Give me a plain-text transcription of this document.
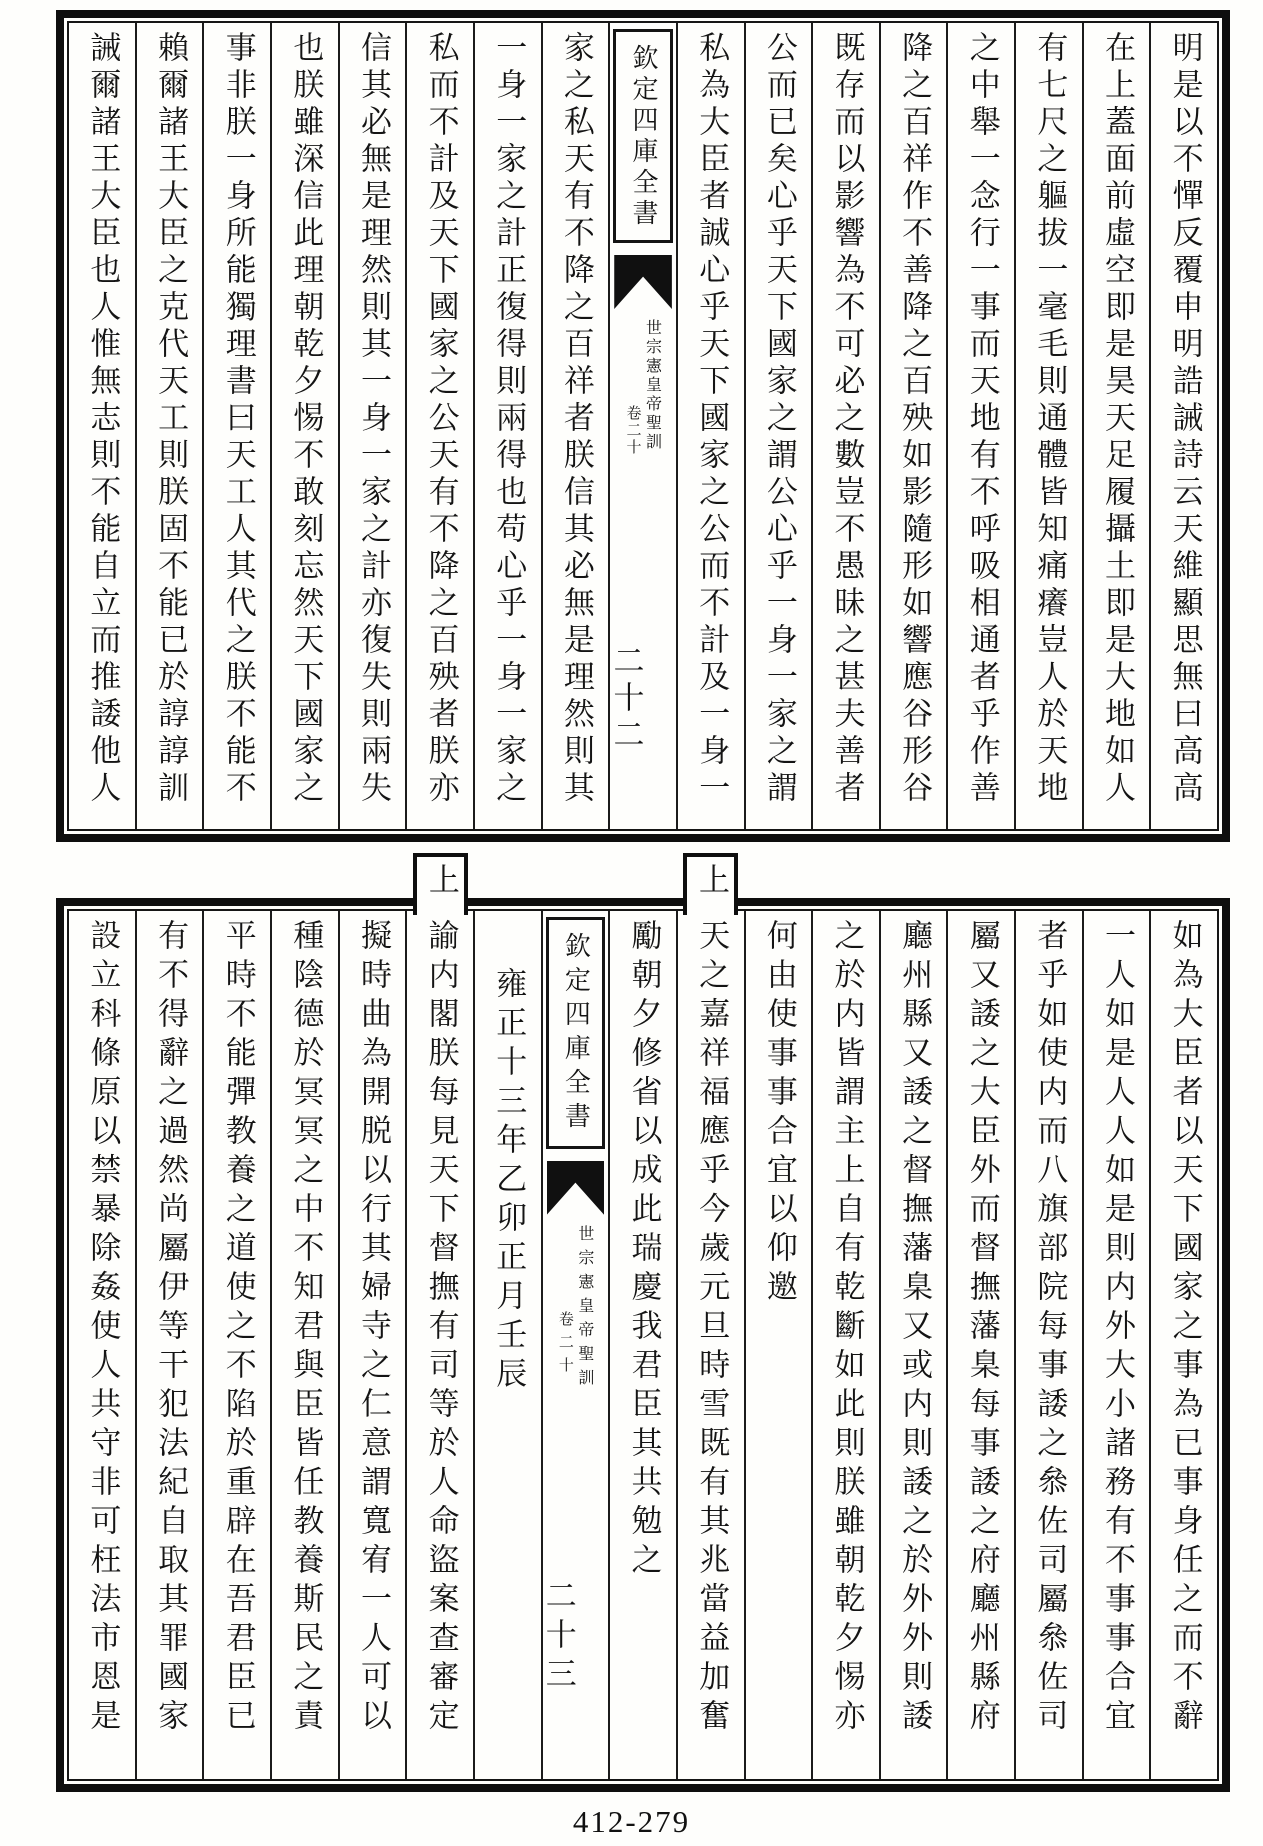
明是以不憚反覆申明誥誡詩云天維顯思無曰高高
在上蓋面前虛空即是昊天足履攝土即是大地如人
有七尺之軀拔一毫毛則通體皆知痛癢豈人於天地
之中舉一念行一事而天地有不呼吸相通者乎作善
降之百祥作不善降之百殃如影隨形如響應谷形谷
既存而以影響為不可必之數豈不愚昧之甚夫善者
公而已矣心乎天下國家之謂公心乎一身一家之謂
私為大臣者誠心乎天下國家之公而不計及一身一
欽定四庫全書
世宗憲皇帝聖訓
卷二十
二十二
家之私天有不降之百祥者朕信其必無是理然則其
一身一家之計正復得則兩得也苟心乎一身一家之
私而不計及天下國家之公天有不降之百殃者朕亦
信其必無是理然則其一身一家之計亦復失則兩失
也朕雖深信此理朝乾夕惕不敢刻忘然天下國家之
事非朕一身所能獨理書曰天工人其代之朕不能不
賴爾諸王大臣之克代天工則朕固不能已於諄諄訓
誡爾諸王大臣也人惟無志則不能自立而推諉他人
上
上
如為大臣者以天下國家之事為已事身任之而不辭
一人如是人人如是則内外大小諸務有不事事合宜
者乎如使内而八旗部院每事諉之叅佐司屬叅佐司
屬又諉之大臣外而督撫藩臬每事諉之府廳州縣府
廳州縣又諉之督撫藩臬又或内則諉之於外外則諉
之於内皆謂主上自有乾斷如此則朕雖朝乾夕惕亦
何由使事事合宜以仰邀
天之嘉祥福應乎今歲元旦時雪既有其兆當益加奮
勵朝夕修省以成此瑞慶我君臣其共勉之
欽定四庫全書
世宗憲皇帝聖訓
卷二十
二十三
雍正十三年乙卯正月壬辰
諭内閣朕每見天下督撫有司等於人命盜案查審定
擬時曲為開脱以行其婦寺之仁意謂寬宥一人可以
種陰德於冥冥之中不知君與臣皆任教養斯民之責
平時不能彈教養之道使之不陷於重辟在吾君臣已
有不得辭之過然尚屬伊等干犯法紀自取其罪國家
設立科條原以禁暴除姦使人共守非可枉法市恩是
412-279
